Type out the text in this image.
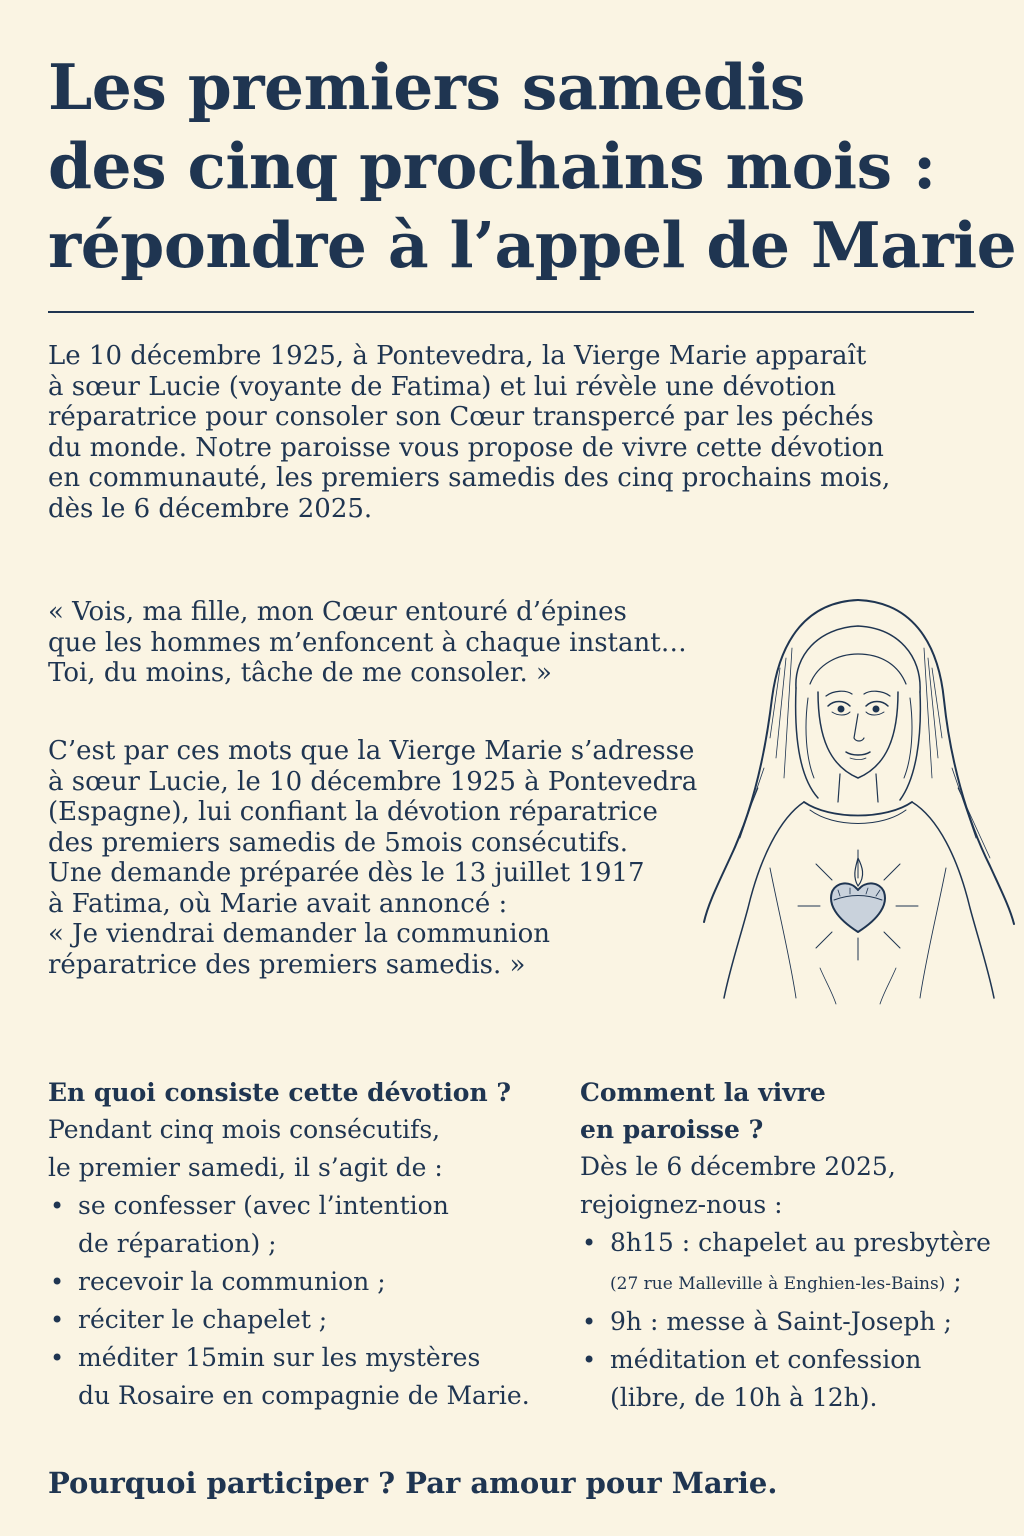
Les premiers samedis
des cinq prochains mois :
répondre à l’appel de Marie

Le 10 décembre 1925, à Pontevedra, la Vierge Marie apparaît
à sœur Lucie (voyante de Fatima) et lui révèle une dévotion
réparatrice pour consoler son Cœur transpercé par les péchés
du monde. Notre paroisse vous propose de vivre cette dévotion
en communauté, les premiers samedis des cinq prochains mois,
dès le 6 décembre 2025.

« Vois, ma fille, mon Cœur entouré d’épines
que les hommes m’enfoncent à chaque instant…
Toi, du moins, tâche de me consoler. »

C’est par ces mots que la Vierge Marie s’adresse
à sœur Lucie, le 10 décembre 1925 à Pontevedra
(Espagne), lui confiant la dévotion réparatrice
des premiers samedis de 5mois consécutifs.
Une demande préparée dès le 13 juillet 1917
à Fatima, où Marie avait annoncé :
« Je viendrai demander la communion
réparatrice des premiers samedis. »

En quoi consiste cette dévotion ?

Pendant cinq mois consécutifs,
le premier samedi, il s’agit de :

• se confesser (avec l’intention
de réparation) ;
• recevoir la communion ;
• réciter le chapelet ;
• méditer 15min sur les mystères
du Rosaire en compagnie de Marie.
Comment la vivre
en paroisse ?

Dès le 6 décembre 2025,
rejoignez-nous :

• 8h15 : chapelet au presbytère
(27 rue Malleville à Enghien-les-Bains) ;
• 9h : messe à Saint-Joseph ;
• méditation et confession
(libre, de 10h à 12h).

Pourquoi participer ? Par amour pour Marie.
